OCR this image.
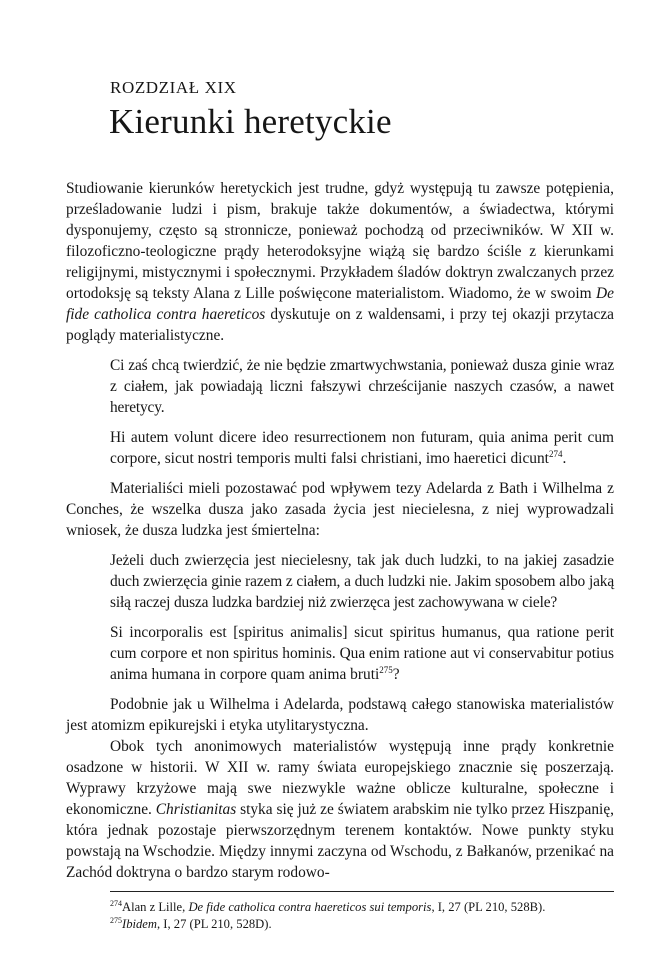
ROZDZIAŁ XIX
Kierunki heretyckie

Studiowanie kierunków heretyckich jest trudne, gdyż występują tu zawsze potępienia, prześladowanie ludzi i pism, brakuje także dokumentów, a świadectwa, którymi dysponujemy, często są stronnicze, ponieważ pochodzą od przeciwników. W XII w. filozoficzno-teologiczne prądy heterodoksyjne wiążą się bardzo ściśle z kierunkami religijnymi, mistycznymi i społecznymi. Przykładem śladów doktryn zwalczanych przez ortodoksję są teksty Alana z Lille poświęcone materialistom. Wiadomo, że w swoim De fide catholica contra haereticos dyskutuje on z waldensami, i przy tej okazji przytacza poglądy materialistyczne.

Ci zaś chcą twierdzić, że nie będzie zmartwychwstania, ponieważ dusza ginie wraz z ciałem, jak powiadają liczni fałszywi chrześcijanie naszych czasów, a nawet heretycy.

Hi autem volunt dicere ideo resurrectionem non futuram, quia anima perit cum corpore, sicut nostri temporis multi falsi christiani, imo haeretici dicunt$^{274}$.

Materialiści mieli pozostawać pod wpływem tezy Adelarda z Bath i Wilhelma z Conches, że wszelka dusza jako zasada życia jest niecielesna, z niej wyprowadzali wniosek, że dusza ludzka jest śmiertelna:

Jeżeli duch zwierzęcia jest niecielesny, tak jak duch ludzki, to na jakiej zasadzie duch zwierzęcia ginie razem z ciałem, a duch ludzki nie. Jakim sposobem albo jaką siłą raczej dusza ludzka bardziej niż zwierzęca jest zachowywana w ciele?

Si incorporalis est [spiritus animalis] sicut spiritus humanus, qua ratione perit cum corpore et non spiritus hominis. Qua enim ratione aut vi conservabitur potius anima humana in corpore quam anima bruti$^{275}$?

Podobnie jak u Wilhelma i Adelarda, podstawą całego stanowiska materialistów jest atomizm epikurejski i etyka utylitarystyczna.

Obok tych anonimowych materialistów występują inne prądy konkretnie osadzone w historii. W XII w. ramy świata europejskiego znacznie się poszerzają. Wyprawy krzyżowe mają swe niezwykle ważne oblicze kulturalne, społeczne i ekonomiczne. Christianitas styka się już ze światem arabskim nie tylko przez Hiszpanię, która jednak pozostaje pierwszorzędnym terenem kontaktów. Nowe punkty styku powstają na Wschodzie. Między innymi zaczyna od Wschodu, z Bałkanów, przenikać na Zachód doktryna o bardzo starym rodowo-

$^{274}$Alan z Lille, De fide catholica contra haereticos sui temporis, I, 27 (PL 210, 528B).
$^{275}$Ibidem, I, 27 (PL 210, 528D).
